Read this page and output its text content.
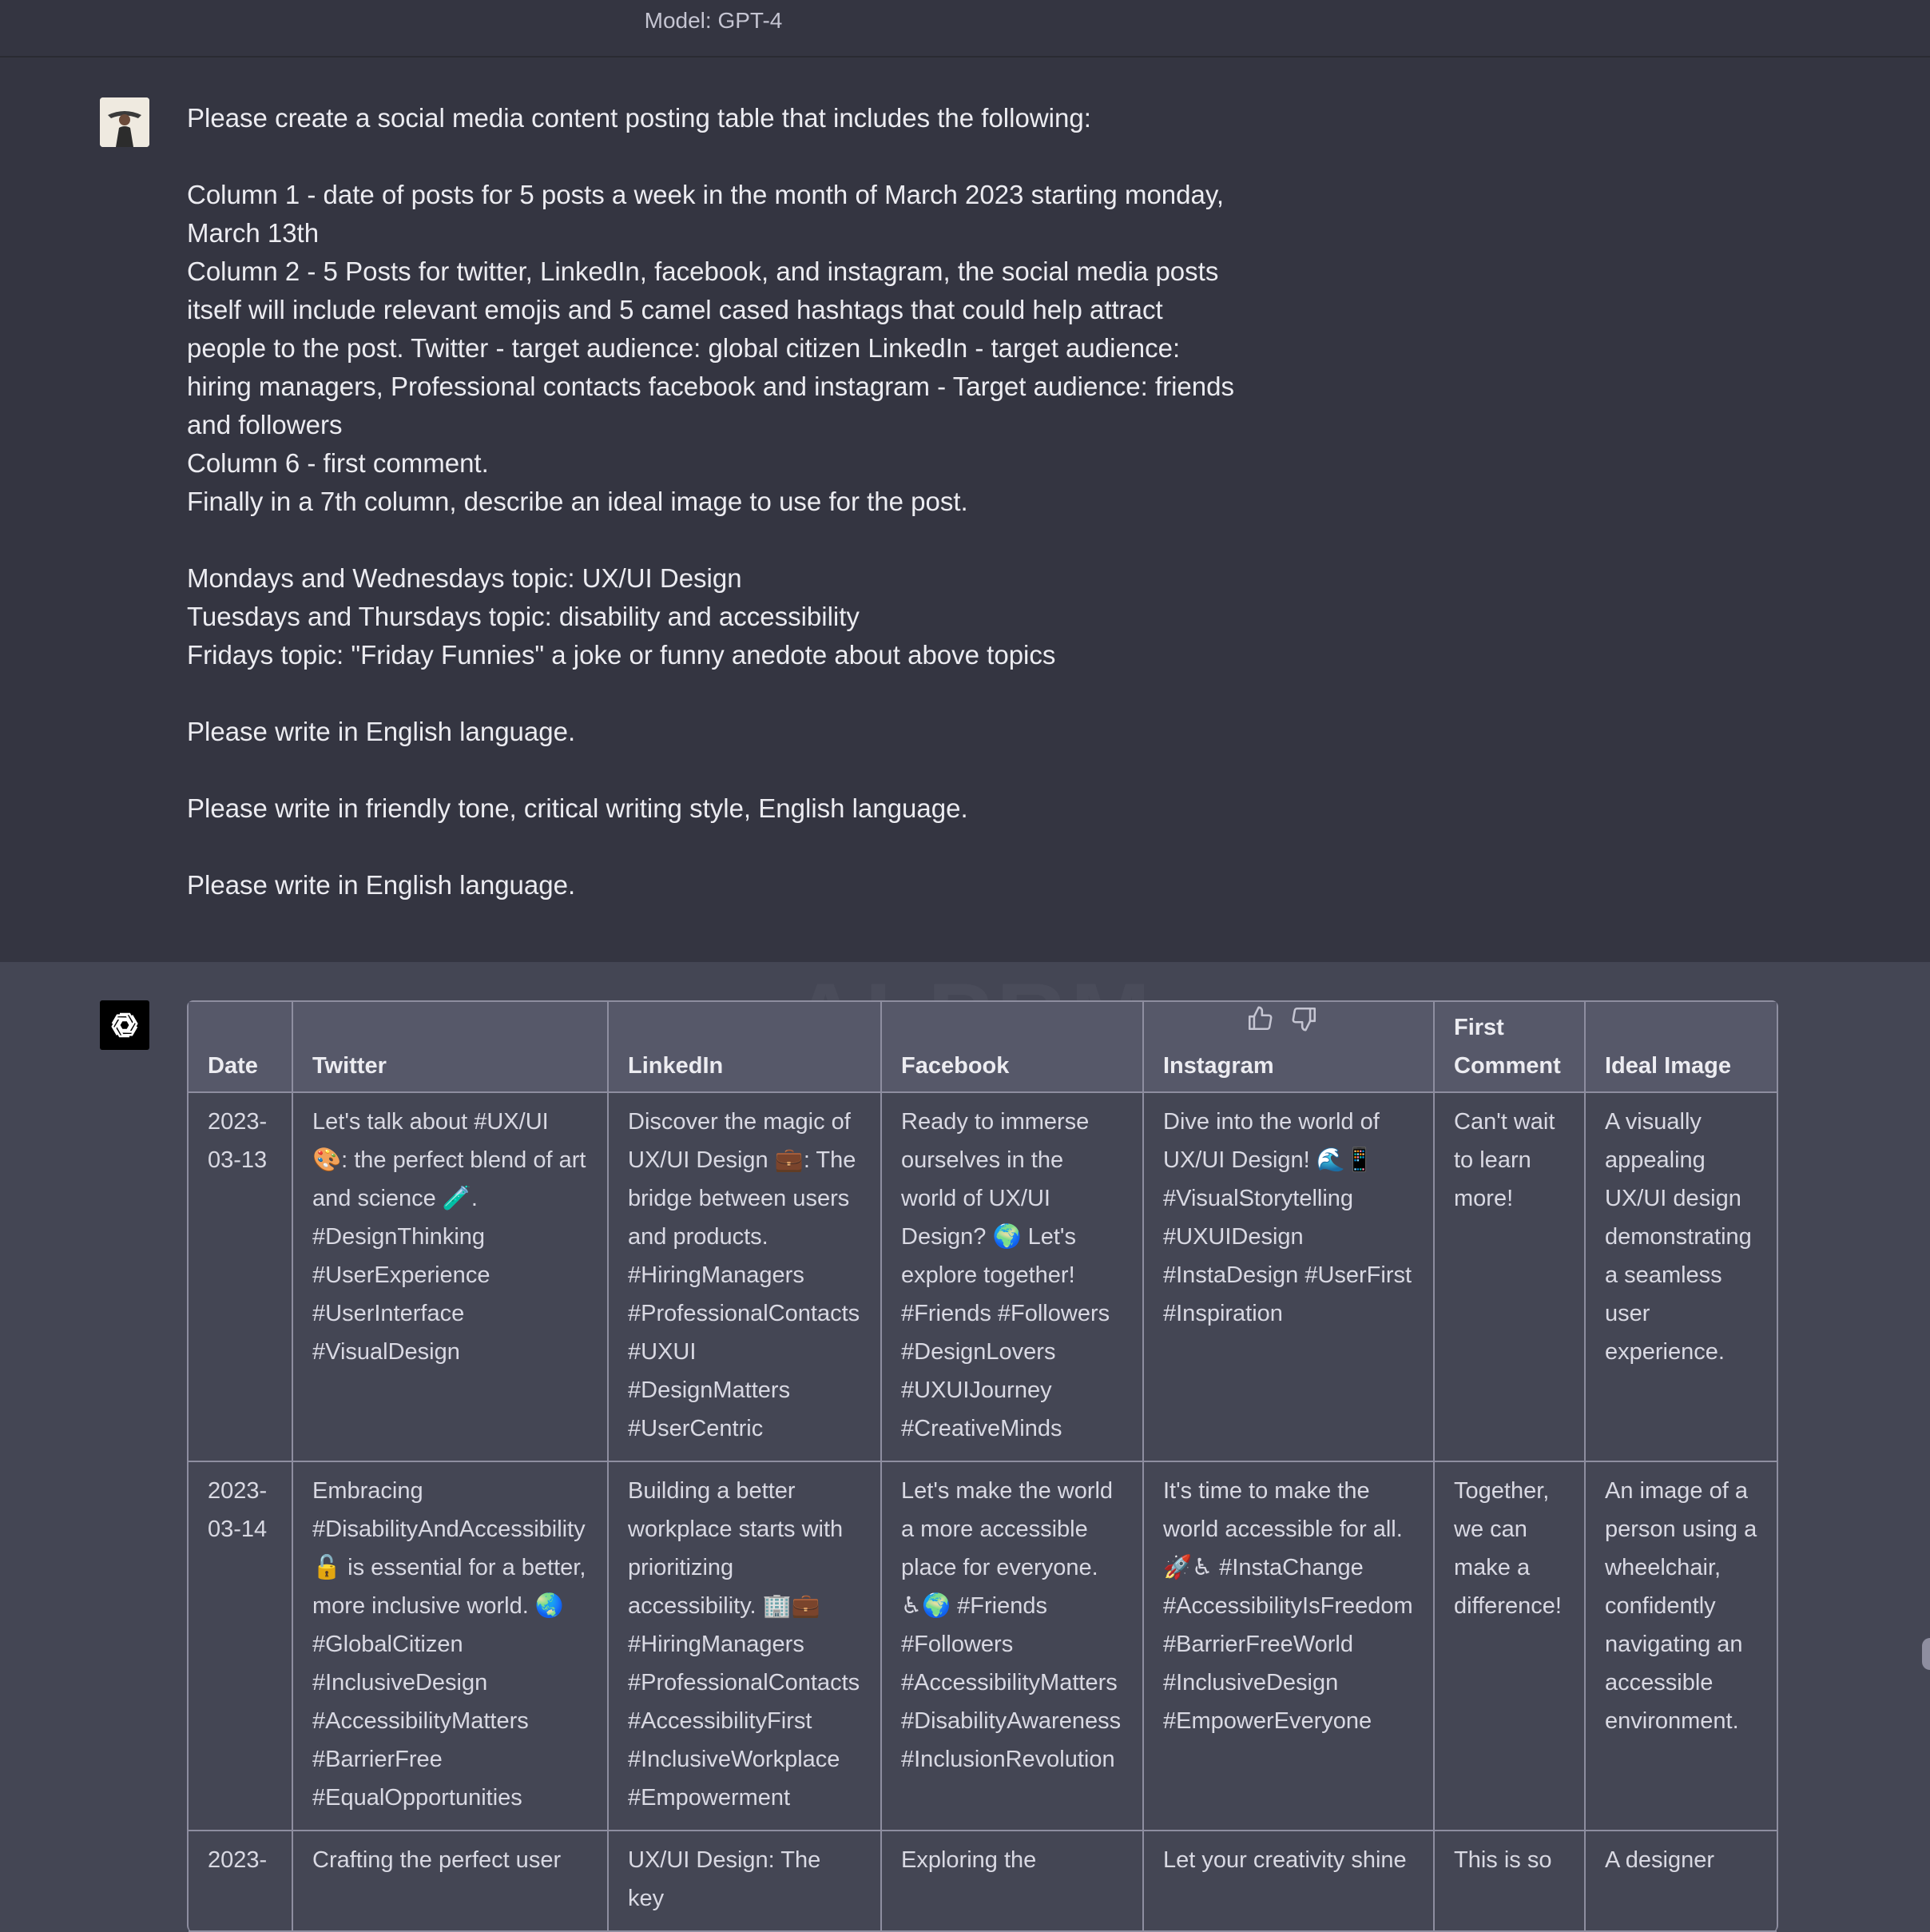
Model: GPT-4

Please create a social media content posting table that includes the following:

Column 1 - date of posts for 5 posts a week in the month of March 2023 starting monday,

March 13th

Column 2 - 5 Posts for twitter, LinkedIn, facebook, and instagram, the social media posts

itself will include relevant emojis and 5 camel cased hashtags that could help attract

people to the post. Twitter - target audience: global citizen LinkedIn - target audience:

hiring managers, Professional contacts facebook and instagram - Target audience: friends

and followers

Column 6 - first comment.

Finally in a 7th column, describe an ideal image to use for the post.

Mondays and Wednesdays topic: UX/UI Design

Tuesdays and Thursdays topic: disability and accessibility

Fridays topic: "Friday Funnies" a joke or funny anedote about above topics

Please write in English language.

Please write in friendly tone, critical writing style, English language.

Please write in English language.

Date	Twitter	LinkedIn	Facebook	Instagram	First Comment	Ideal Image
2023-03-13	Let's talk about #UX/UI 🎨: the perfect blend of art and science 🧪. #DesignThinking #UserExperience #UserInterface #VisualDesign	Discover the magic of UX/UI Design 💼: The bridge between users and products. #HiringManagers #ProfessionalContacts #UXUI #DesignMatters #UserCentric	Ready to immerse ourselves in the world of UX/UI Design? 🌍 Let's explore together! #Friends #Followers #DesignLovers #UXUIJourney #CreativeMinds	Dive into the world of UX/UI Design! 🌊📱 #VisualStorytelling #UXUIDesign #InstaDesign #UserFirst #Inspiration	Can't wait to learn more!	A visually appealing UX/UI design demonstrating a seamless user experience.
2023-03-14	Embracing #DisabilityAndAccessibility 🔓 is essential for a better, more inclusive world. 🌏 #GlobalCitizen #InclusiveDesign #AccessibilityMatters #BarrierFree #EqualOpportunities	Building a better workplace starts with prioritizing accessibility. 🏢💼 #HiringManagers #ProfessionalContacts #AccessibilityFirst #InclusiveWorkplace #Empowerment	Let's make the world a more accessible place for everyone. ♿🌍 #Friends #Followers #AccessibilityMatters #DisabilityAwareness #InclusionRevolution	It's time to make the world accessible for all. 🚀♿ #InstaChange #AccessibilityIsFreedom #BarrierFreeWorld #InclusiveDesign #EmpowerEveryone	Together, we can make a difference!	An image of a person using a wheelchair, confidently navigating an accessible environment.
2023-	Crafting the perfect user	UX/UI Design: The key	Exploring the	Let your creativity shine	This is so	A designer
